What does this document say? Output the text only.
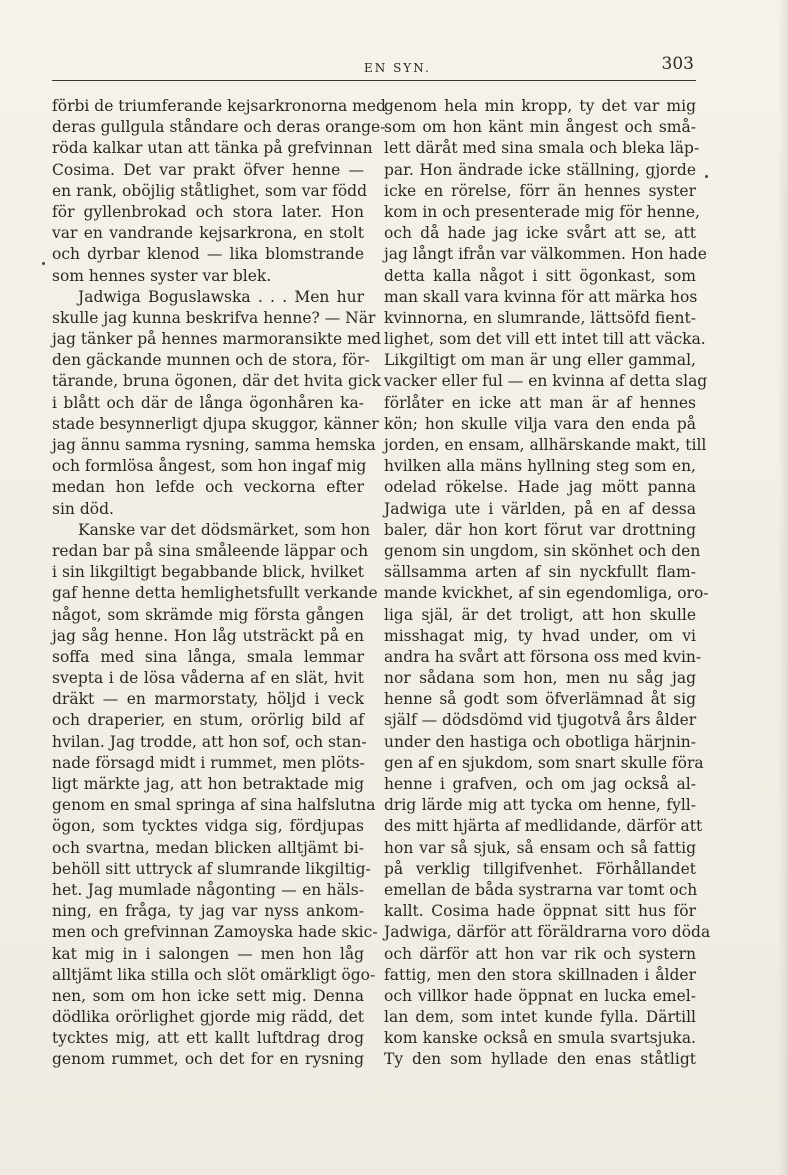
EN SYN.	303
förbi de triumferande kejsarkronorna med
deras gullgula ståndare och deras orange-
röda kalkar utan att tänka på grefvinnan
Cosima. Det var prakt öfver henne —
en rank, oböjlig ståtlighet, som var född
för gyllenbrokad och stora later. Hon
var en vandrande kejsarkrona, en stolt
och dyrbar klenod — lika blomstrande
som hennes syster var blek.
Jadwiga Boguslawska . . . Men hur
skulle jag kunna beskrifva henne? — När
jag tänker på hennes marmoransikte med
den gäckande munnen och de stora, för-
tärande, bruna ögonen, där det hvita gick
i blått och där de långa ögonhåren ka-
stade besynnerligt djupa skuggor, känner
jag ännu samma rysning, samma hemska
och formlösa ångest, som hon ingaf mig
medan hon lefde och veckorna efter
sin död.
Kanske var det dödsmärket, som hon
redan bar på sina småleende läppar och
i sin likgiltigt begabbande blick, hvilket
gaf henne detta hemlighetsfullt verkande
något, som skrämde mig första gången
jag såg henne. Hon låg utsträckt på en
soffa med sina långa, smala lemmar
svepta i de lösa våderna af en slät, hvit
dräkt — en marmorstaty, höljd i veck
och draperier, en stum, orörlig bild af
hvilan. Jag trodde, att hon sof, och stan-
nade försagd midt i rummet, men plöts-
ligt märkte jag, att hon betraktade mig
genom en smal springa af sina halfslutna
ögon, som tycktes vidga sig, fördjupas
och svartna, medan blicken alltjämt bi-
behöll sitt uttryck af slumrande likgiltig-
het. Jag mumlade någonting — en häls-
ning, en fråga, ty jag var nyss ankom-
men och grefvinnan Zamoyska hade skic-
kat mig in i salongen — men hon låg
alltjämt lika stilla och slöt omärkligt ögo-
nen, som om hon icke sett mig. Denna
dödlika orörlighet gjorde mig rädd, det
tycktes mig, att ett kallt luftdrag drog
genom rummet, och det for en rysning
genom hela min kropp, ty det var mig
som om hon känt min ångest och små-
lett däråt med sina smala och bleka läp-
par. Hon ändrade icke ställning, gjorde
icke en rörelse, förr än hennes syster
kom in och presenterade mig för henne,
och då hade jag icke svårt att se, att
jag långt ifrån var välkommen. Hon hade
detta kalla något i sitt ögonkast, som
man skall vara kvinna för att märka hos
kvinnorna, en slumrande, lättsöfd fient-
lighet, som det vill ett intet till att väcka.
Likgiltigt om man är ung eller gammal,
vacker eller ful — en kvinna af detta slag
förlåter en icke att man är af hennes
kön; hon skulle vilja vara den enda på
jorden, en ensam, allhärskande makt, till
hvilken alla mäns hyllning steg som en,
odelad rökelse. Hade jag mött panna
Jadwiga ute i världen, på en af dessa
baler, där hon kort förut var drottning
genom sin ungdom, sin skönhet och den
sällsamma arten af sin nyckfullt flam-
mande kvickhet, af sin egendomliga, oro-
liga själ, är det troligt, att hon skulle
misshagat mig, ty hvad under, om vi
andra ha svårt att försona oss med kvin-
nor sådana som hon, men nu såg jag
henne så godt som öfverlämnad åt sig
själf — dödsdömd vid tjugotvå års ålder
under den hastiga och obotliga härjnin-
gen af en sjukdom, som snart skulle föra
henne i grafven, och om jag också al-
drig lärde mig att tycka om henne, fyll-
des mitt hjärta af medlidande, därför att
hon var så sjuk, så ensam och så fattig
på verklig tillgifvenhet. Förhållandet
emellan de båda systrarna var tomt och
kallt. Cosima hade öppnat sitt hus för
Jadwiga, därför att föräldrarna voro döda
och därför att hon var rik och systern
fattig, men den stora skillnaden i ålder
och villkor hade öppnat en lucka emel-
lan dem, som intet kunde fylla. Därtill
kom kanske också en smula svartsjuka.
Ty den som hyllade den enas ståtligt
